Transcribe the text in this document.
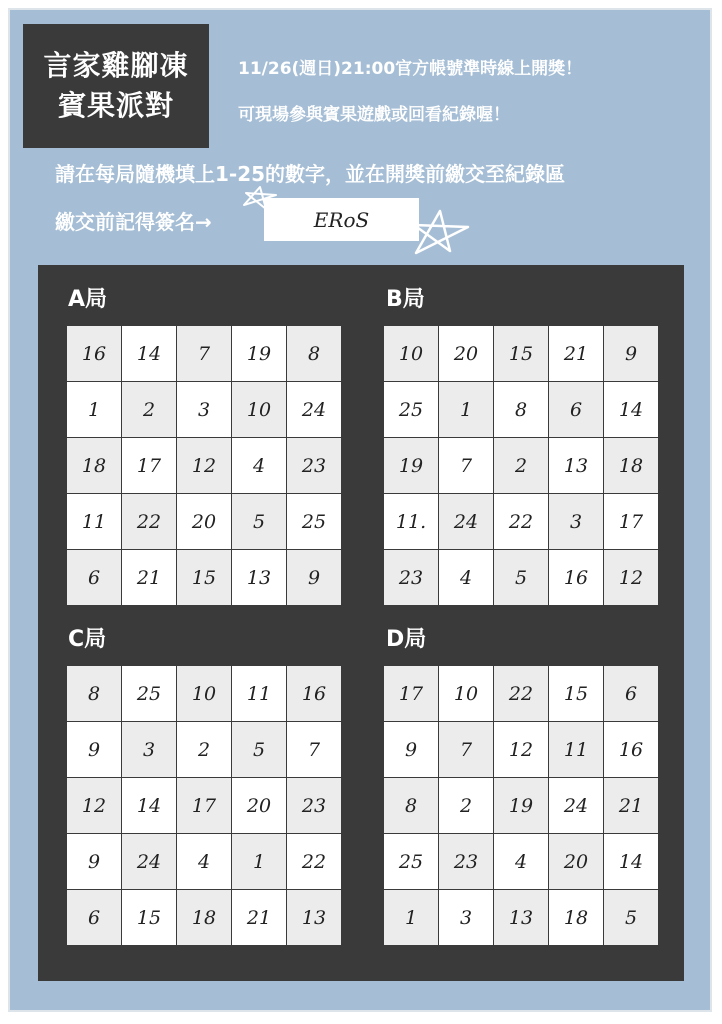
言家雞腳凍
賓果派對
11/26(週日)21:00官方帳號準時線上開獎！
可現場參與賓果遊戲或回看紀錄喔！
請在每局隨機填上1-25的數字，並在開獎前繳交至紀錄區
繳交前記得簽名→	ERoS
A局	B局
C局	D局
16	14	7	19	8
1	2	3	10	24
18	17	12	4	23
11	22	20	5	25
6	21	15	13	9
10	20	15	21	9
25	1	8	6	14
19	7	2	13	18
11.	24	22	3	17
23	4	5	16	12
8	25	10	11	16
9	3	2	5	7
12	14	17	20	23
9	24	4	1	22
6	15	18	21	13
17	10	22	15	6
9	7	12	11	16
8	2	19	24	21
25	23	4	20	14
1	3	13	18	5
